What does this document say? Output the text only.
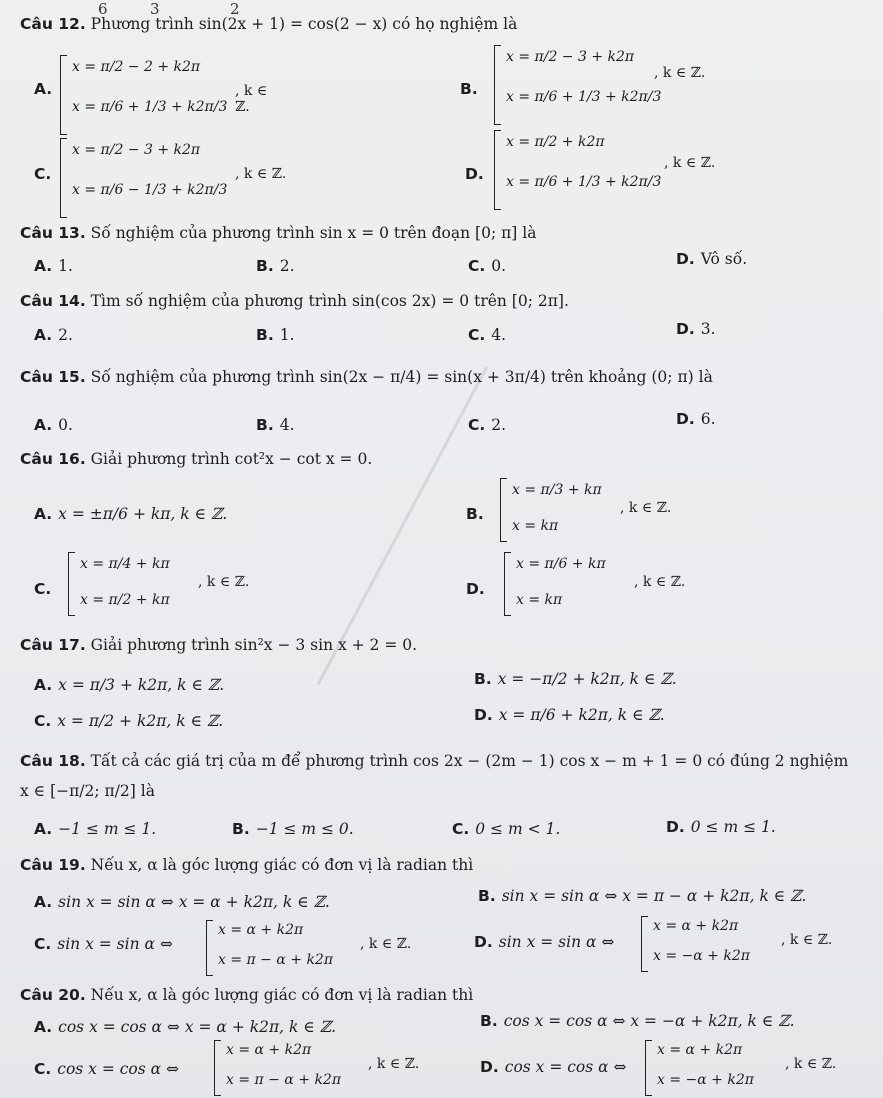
6	3	2
Câu 12. Phương trình sin(2x + 1) = cos(2 − x) có họ nghiệm là
A.
x = π/2 − 2 + k2π
x = π/6 + 1/3 + k2π/3
, k ∈ ℤ.
B.
x = π/2 − 3 + k2π
x = π/6 + 1/3 + k2π/3
, k ∈ ℤ.
C.
x = π/2 − 3 + k2π
x = π/6 − 1/3 + k2π/3
, k ∈ ℤ.	D.
x = π/2 + k2π
x = π/6 + 1/3 + k2π/3
, k ∈ ℤ.
Câu 13. Số nghiệm của phương trình sin x = 0 trên đoạn [0; π] là
A. 1.	B. 2.	C. 0.	D. Vô số.
Câu 14. Tìm số nghiệm của phương trình sin(cos 2x) = 0 trên [0; 2π].
A. 2.	B. 1.	C. 4.	D. 3.
Câu 15. Số nghiệm của phương trình sin(2x − π/4) = sin(x + 3π/4) trên khoảng (0; π) là
A. 0.	B. 4.	C. 2.	D. 6.
Câu 16. Giải phương trình cot²x − cot x = 0.
A. x = ±π/6 + kπ, k ∈ ℤ.	B.
x = π/3 + kπ
x = kπ
, k ∈ ℤ.
C.
x = π/4 + kπ
x = π/2 + kπ
, k ∈ ℤ.	D.
x = π/6 + kπ
x = kπ
, k ∈ ℤ.
Câu 17. Giải phương trình sin²x − 3 sin x + 2 = 0.
A. x = π/3 + k2π, k ∈ ℤ.	B. x = −π/2 + k2π, k ∈ ℤ.
C. x = π/2 + k2π, k ∈ ℤ.	D. x = π/6 + k2π, k ∈ ℤ.
Câu 18. Tất cả các giá trị của m để phương trình cos 2x − (2m − 1) cos x − m + 1 = 0 có đúng 2 nghiệm
x ∈ [−π/2; π/2] là
A. −1 ≤ m ≤ 1.	B. −1 ≤ m ≤ 0.	C. 0 ≤ m < 1.	D. 0 ≤ m ≤ 1.
Câu 19. Nếu x, α là góc lượng giác có đơn vị là radian thì
A. sin x = sin α ⇔ x = α + k2π, k ∈ ℤ.	B. sin x = sin α ⇔ x = π − α + k2π, k ∈ ℤ.
C. sin x = sin α ⇔
x = α + k2π
x = π − α + k2π
, k ∈ ℤ.	D. sin x = sin α ⇔
x = α + k2π
x = −α + k2π
, k ∈ ℤ.
Câu 20. Nếu x, α là góc lượng giác có đơn vị là radian thì
A. cos x = cos α ⇔ x = α + k2π, k ∈ ℤ.	B. cos x = cos α ⇔ x = −α + k2π, k ∈ ℤ.
C. cos x = cos α ⇔
x = α + k2π
x = π − α + k2π
, k ∈ ℤ.	D. cos x = cos α ⇔
x = α + k2π
x = −α + k2π
, k ∈ ℤ.
